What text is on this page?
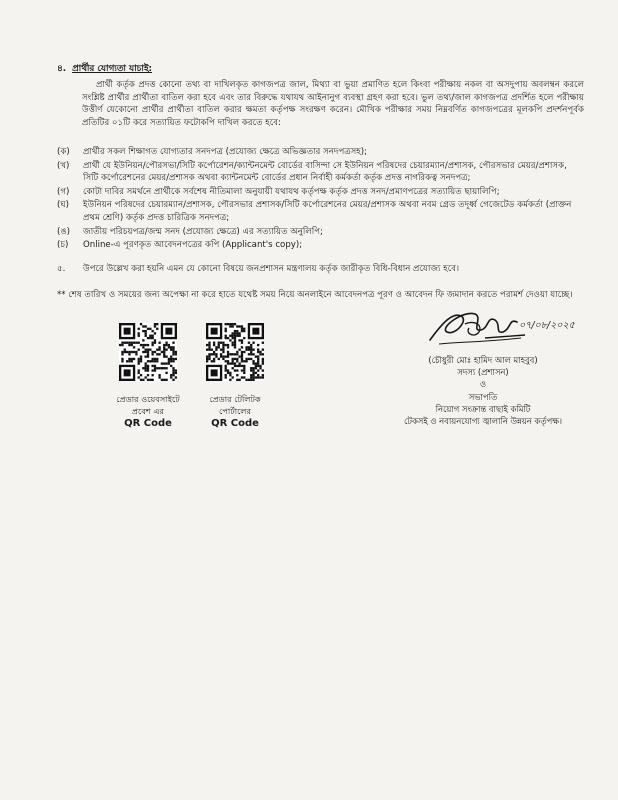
৪. প্রার্থীর যোগ্যতা যাচাই:
প্রার্থী কর্তৃক প্রদত্ত কোনো তথ্য বা দাখিলকৃত কাগজপত্র জাল, মিথ্যা বা ভুয়া প্রমাণিত হলে কিংবা পরীক্ষায় নকল বা অসদুপায় অবলম্বন করলে সংশ্লিষ্ট প্রার্থীর প্রার্থীতা বাতিল করা হবে এবং তার বিরুদ্ধে যথাযথ আইনানুগ ব্যবস্থা গ্রহণ করা হবে। ভুল তথ্য/জাল কাগজপত্র প্রদর্শিত হলে পরীক্ষায় উত্তীর্ণ যেকোনো প্রার্থীর প্রার্থীতা বাতিল করার ক্ষমতা কর্তৃপক্ষ সংরক্ষণ করেন। মৌখিক পরীক্ষার সময় নিম্নবর্ণিত কাগজপত্রের মূলকপি প্রদর্শনপূর্বক প্রতিটির ০১টি করে সত্যায়িত ফটোকপি দাখিল করতে হবে:
(ক)	প্রার্থীর সকল শিক্ষাগত যোগ্যতার সনদপত্র (প্রযোজ্য ক্ষেত্রে অভিজ্ঞতার সনদপত্রসহ);
(খ)	প্রার্থী যে ইউনিয়ন/পৌরসভা/সিটি কর্পোরেশন/ক্যান্টনমেন্ট বোর্ডের বাসিন্দা সে ইউনিয়ন পরিষদের চেয়ারম্যান/প্রশাসক, পৌরসভার মেয়র/প্রশাসক, সিটি কর্পোরেশনের মেয়র/প্রশাসক অথবা ক্যান্টনমেন্ট বোর্ডের প্রধান নির্বাহী কর্মকর্তা কর্তৃক প্রদত্ত নাগরিকত্ব সনদপত্র;
(গ)	কোটা দাবির সমর্থনে প্রার্থীকে সর্বশেষ নীতিমালা অনুযায়ী যথাযথ কর্তৃপক্ষ কর্তৃক প্রদত্ত সনদ/প্রমাণপত্রের সত্যায়িত ছায়ালিপি;
(ঘ)	ইউনিয়ন পরিষদের চেয়ারম্যান/প্রশাসক, পৌরসভার প্রশাসক/সিটি কর্পোরেশনের মেয়র/প্রশাসক অথবা নবম গ্রেড তদূর্ধ্ব গেজেটেড কর্মকর্তা (প্রাক্তন প্রথম শ্রেণি) কর্তৃক প্রদত্ত চারিত্রিক সনদপত্র;
(ঙ)	জাতীয় পরিচয়পত্র/জন্ম সনদ (প্রযোজ্য ক্ষেত্রে) এর সত্যায়িত অনুলিপি;
(চ)	Online-এ পূরণকৃত আবেদনপত্রের কপি (Applicant's copy);
৫.	উপরে উল্লেখ করা হয়নি এমন যে কোনো বিষয়ে জনপ্রশাসন মন্ত্রণালয় কর্তৃক জারীকৃত বিধি-বিধান প্রযোজ্য হবে।
** শেষ তারিখ ও সময়ের জন্য অপেক্ষা না করে হাতে যথেষ্ট সময় নিয়ে অনলাইনে আবেদনপত্র পূরণ ও আবেদন ফি জমাদান করতে পরামর্শ দেওয়া যাচ্ছে।
প্রেডার ওয়েবসাইটে
প্রবেশ এর
QR Code
প্রেডার টেলিটক
পোর্টালের
QR Code
০৭/০৮/২০২৫
(চৌধুরী মোঃ হামিদ আল মাহবুব)
সদস্য (প্রশাসন)
ও
সভাপতি
নিয়োগ সংক্রান্ত বাছাই কমিটি
টেকসই ও নবায়নযোগ্য জ্বালানি উন্নয়ন কর্তৃপক্ষ।
